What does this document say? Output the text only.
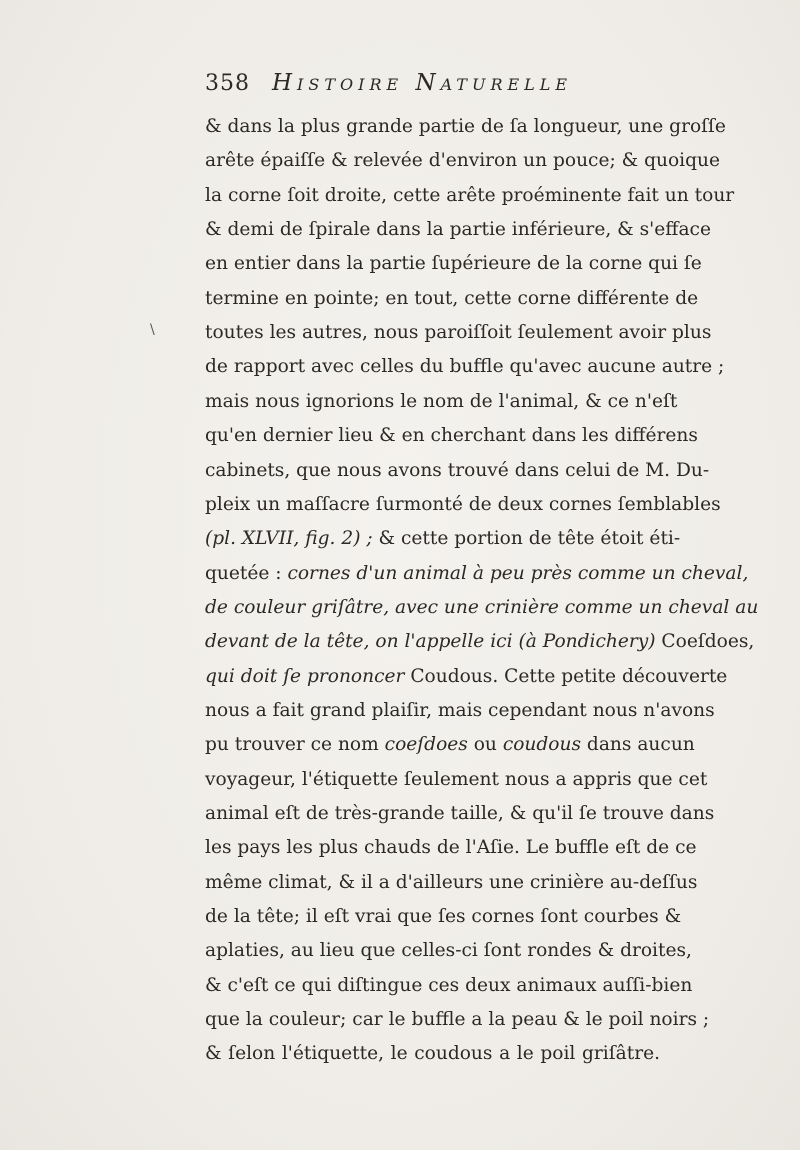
358 Histoire Naturelle
& dans la plus grande partie de ſa longueur, une groſſe
arête épaiſſe & relevée d'environ un pouce; & quoique
la corne ſoit droite, cette arête proéminente fait un tour
& demi de ſpirale dans la partie inférieure, & s'efface
en entier dans la partie ſupérieure de la corne qui ſe
termine en pointe; en tout, cette corne différente de
toutes les autres, nous paroiſſoit ſeulement avoir plus
de rapport avec celles du buffle qu'avec aucune autre ;
mais nous ignorions le nom de l'animal, & ce n'eſt
qu'en dernier lieu & en cherchant dans les différens
cabinets, que nous avons trouvé dans celui de M. Du-
pleix un maſſacre ſurmonté de deux cornes ſemblables
(pl. XLVII, fig. 2) ; & cette portion de tête étoit éti-
quetée : cornes d'un animal à peu près comme un cheval,
de couleur griſâtre, avec une crinière comme un cheval au
devant de la tête, on l'appelle ici (à Pondichery) Coeſdoes,
qui doit ſe prononcer Coudous. Cette petite découverte
nous a fait grand plaiſir, mais cependant nous n'avons
pu trouver ce nom coeſdoes ou coudous dans aucun
voyageur, l'étiquette ſeulement nous a appris que cet
animal eſt de très-grande taille, & qu'il ſe trouve dans
les pays les plus chauds de l'Aſie. Le buffle eſt de ce
même climat, & il a d'ailleurs une crinière au-deſſus
de la tête; il eſt vrai que ſes cornes ſont courbes &
aplaties, au lieu que celles-ci ſont rondes & droites,
& c'eſt ce qui diſtingue ces deux animaux auſſi-bien
que la couleur; car le buffle a la peau & le poil noirs ;
& ſelon l'étiquette, le coudous a le poil griſâtre.
\
